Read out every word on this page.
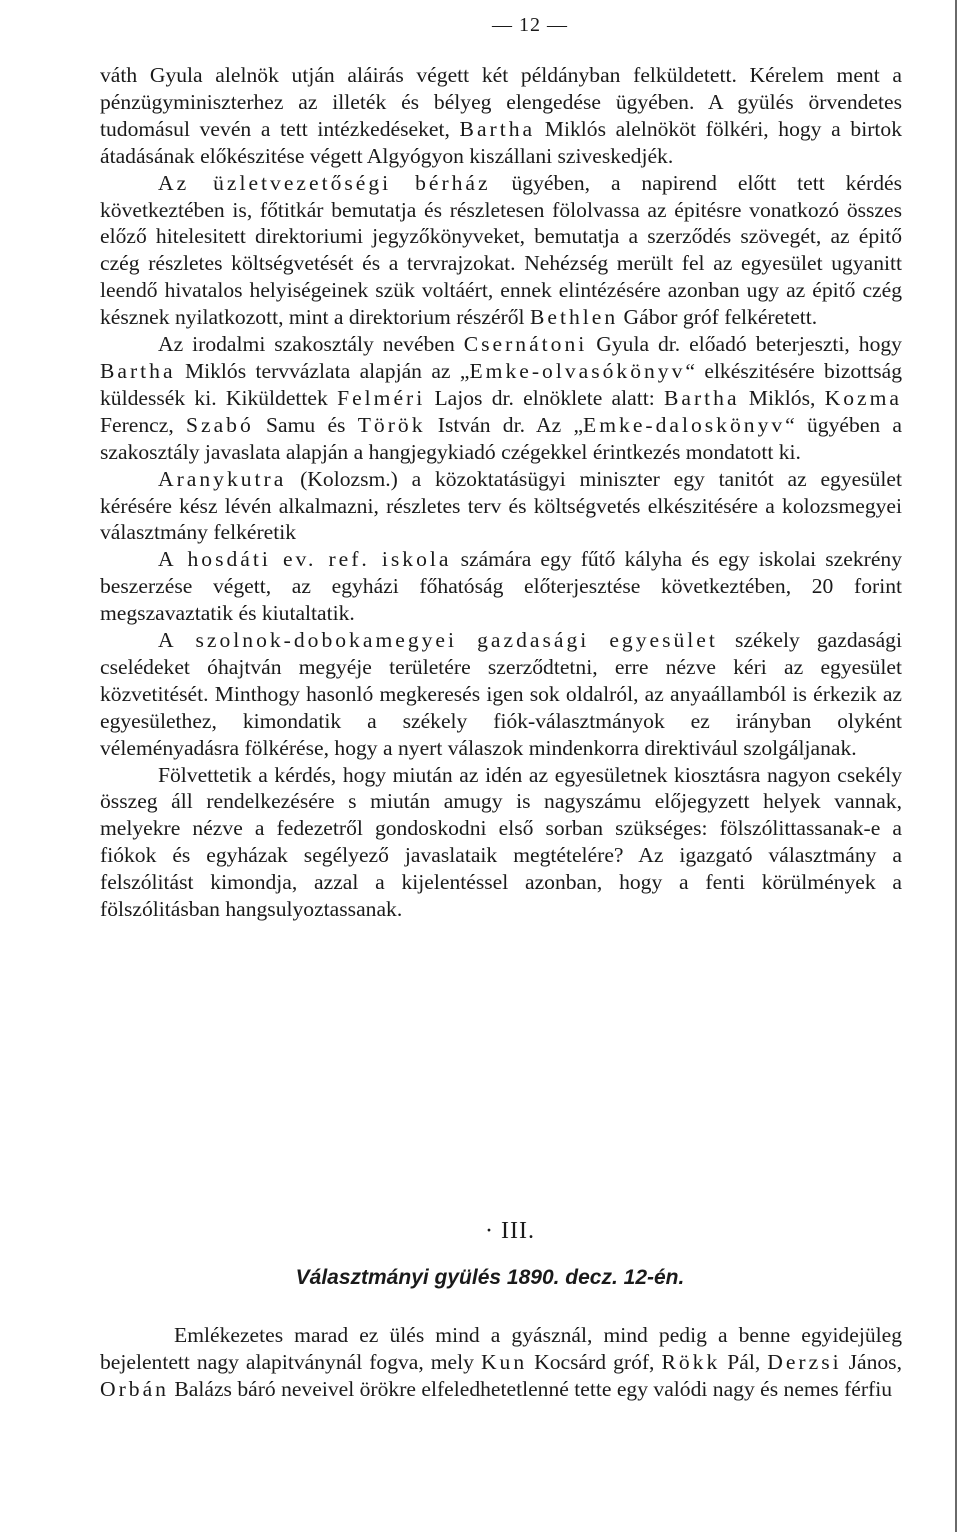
— 12 —

váth Gyula alelnök utján aláirás végett két példányban felküldetett. Kérelem ment a pénzügyminiszterhez az illeték és bélyeg elengedése ügyében. A gyülés örvendetes tudomásul vevén a tett intézkedéseket, Bartha Miklós alelnököt fölkéri, hogy a birtok átadásának előkészitése végett Algyógyon kiszállani sziveskedjék.

Az üzletvezetőségi bérház ügyében, a napirend előtt tett kérdés következtében is, főtitkár bemutatja és részletesen fölolvassa az épitésre vonatkozó összes előző hitelesitett direktoriumi jegyzőkönyveket, bemutatja a szerződés szövegét, az épitő czég részletes költségvetését és a tervrajzokat. Nehézség merült fel az egyesület ugyanitt leendő hivatalos helyiségeinek szük voltáért, ennek elintézésére azonban ugy az épitő czég késznek nyilatkozott, mint a direktorium részéről Bethlen Gábor gróf felkéretett.

Az irodalmi szakosztály nevében Csernátoni Gyula dr. előadó beterjeszti, hogy Bartha Miklós tervvázlata alapján az „Emke-olvasókönyv“ elkészitésére bizottság küldessék ki. Kiküldettek Felméri Lajos dr. elnöklete alatt: Bartha Miklós, Kozma Ferencz, Szabó Samu és Török István dr. Az „Emke-daloskönyv“ ügyében a szakosztály javaslata alapján a hangjegykiadó czégekkel érintkezés mondatott ki.

Aranykutra (Kolozsm.) a közoktatásügyi miniszter egy tanitót az egyesület kérésére kész lévén alkalmazni, részletes terv és költségvetés elkészitésére a kolozsmegyei választmány felkéretik

A hosdáti ev. ref. iskola számára egy fűtő kályha és egy iskolai szekrény beszerzése végett, az egyházi főhatóság előterjesztése következtében, 20 forint megszavaztatik és kiutaltatik.

A szolnok-dobokamegyei gazdasági egyesület székely gazdasági cselédeket óhajtván megyéje területére szerződtetni, erre nézve kéri az egyesület közvetitését. Minthogy hasonló megkeresés igen sok oldalról, az anyaállamból is érkezik az egyesülethez, kimondatik a székely fiók-választmányok ez irányban olyként véleményadásra fölkérése, hogy a nyert válaszok mindenkorra direktivául szolgáljanak.

Fölvettetik a kérdés, hogy miután az idén az egyesületnek kiosztásra nagyon csekély összeg áll rendelkezésére s miután amugy is nagyszámu előjegyzett helyek vannak, melyekre nézve a fedezetről gondoskodni első sorban szükséges: fölszólittassanak-e a fiókok és egyházak segélyező javaslataik megtételére? Az igazgató választmány a felszólitást kimondja, azzal a kijelentéssel azonban, hogy a fenti körülmények a fölszólitásban hangsulyoztassanak.

· III.
Választmányi gyülés 1890. decz. 12-én.

Emlékezetes marad ez ülés mind a gyásznál, mind pedig a benne egyidejüleg bejelentett nagy alapitványnál fogva, mely Kun Kocsárd gróf, Rökk Pál, Derzsi János, Orbán Balázs báró neveivel örökre elfeledhetetlenné tette egy valódi nagy és nemes férfiu
